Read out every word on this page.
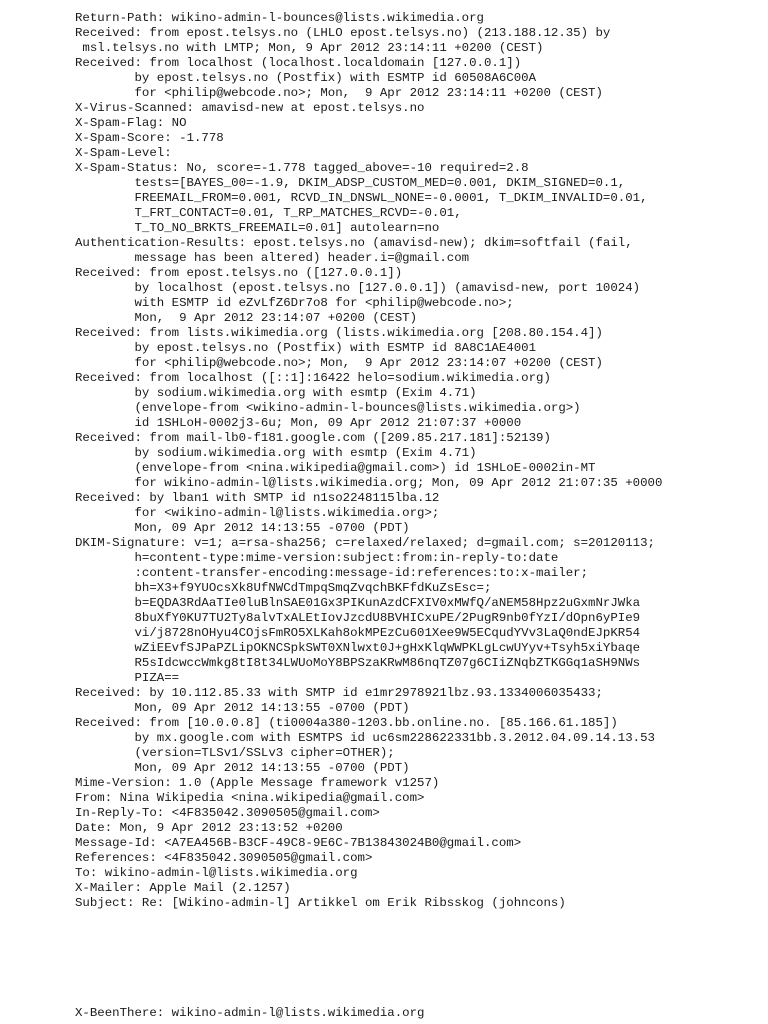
Return-Path: wikino-admin-l-bounces@lists.wikimedia.org
Received: from epost.telsys.no (LHLO epost.telsys.no) (213.188.12.35) by
msl.telsys.no with LMTP; Mon, 9 Apr 2012 23:14:11 +0200 (CEST)
Received: from localhost (localhost.localdomain [127.0.0.1])
by epost.telsys.no (Postfix) with ESMTP id 60508A6C00A
for <philip@webcode.no>; Mon,  9 Apr 2012 23:14:11 +0200 (CEST)
X-Virus-Scanned: amavisd-new at epost.telsys.no
X-Spam-Flag: NO
X-Spam-Score: -1.778
X-Spam-Level:
X-Spam-Status: No, score=-1.778 tagged_above=-10 required=2.8
tests=[BAYES_00=-1.9, DKIM_ADSP_CUSTOM_MED=0.001, DKIM_SIGNED=0.1,
FREEMAIL_FROM=0.001, RCVD_IN_DNSWL_NONE=-0.0001, T_DKIM_INVALID=0.01,
T_FRT_CONTACT=0.01, T_RP_MATCHES_RCVD=-0.01,
T_TO_NO_BRKTS_FREEMAIL=0.01] autolearn=no
Authentication-Results: epost.telsys.no (amavisd-new); dkim=softfail (fail,
message has been altered) header.i=@gmail.com
Received: from epost.telsys.no ([127.0.0.1])
by localhost (epost.telsys.no [127.0.0.1]) (amavisd-new, port 10024)
with ESMTP id eZvLfZ6Dr7o8 for <philip@webcode.no>;
Mon,  9 Apr 2012 23:14:07 +0200 (CEST)
Received: from lists.wikimedia.org (lists.wikimedia.org [208.80.154.4])
by epost.telsys.no (Postfix) with ESMTP id 8A8C1AE4001
for <philip@webcode.no>; Mon,  9 Apr 2012 23:14:07 +0200 (CEST)
Received: from localhost ([::1]:16422 helo=sodium.wikimedia.org)
by sodium.wikimedia.org with esmtp (Exim 4.71)
(envelope-from <wikino-admin-l-bounces@lists.wikimedia.org>)
id 1SHLoH-0002j3-6u; Mon, 09 Apr 2012 21:07:37 +0000
Received: from mail-lb0-f181.google.com ([209.85.217.181]:52139)
by sodium.wikimedia.org with esmtp (Exim 4.71)
(envelope-from <nina.wikipedia@gmail.com>) id 1SHLoE-0002in-MT
for wikino-admin-l@lists.wikimedia.org; Mon, 09 Apr 2012 21:07:35 +0000
Received: by lban1 with SMTP id n1so2248115lba.12
for <wikino-admin-l@lists.wikimedia.org>;
Mon, 09 Apr 2012 14:13:55 -0700 (PDT)
DKIM-Signature: v=1; a=rsa-sha256; c=relaxed/relaxed; d=gmail.com; s=20120113;
h=content-type:mime-version:subject:from:in-reply-to:date
:content-transfer-encoding:message-id:references:to:x-mailer;
bh=X3+f9YUOcsXk8UfNWCdTmpqSmqZvqchBKFfdKuZsEsc=;
b=EQDA3RdAaTIe0luBlnSAE01Gx3PIKunAzdCFXIV0xMWfQ/aNEM58Hpz2uGxmNrJWka
8buXfY0KU7TU2Ty8alvTxALEtIovJzcdU8BVHICxuPE/2PugR9nb0fYzI/dOpn6yPIe9
vi/j8728nOHyu4COjsFmRO5XLKah8okMPEzCu601Xee9W5ECqudYVv3LaQ0ndEJpKR54
wZiEEvfSJPaPZLipOKNCSpkSWT0XNlwxt0J+gHxKlqWWPKLgLcwUYyv+Tsyh5xiYbaqe
R5sIdcwccWmkg8tI8t34LWUoMoY8BPSzaKRwM86nqTZ07g6CIiZNqbZTKGGq1aSH9NWs
PIZA==
Received: by 10.112.85.33 with SMTP id e1mr2978921lbz.93.1334006035433;
Mon, 09 Apr 2012 14:13:55 -0700 (PDT)
Received: from [10.0.0.8] (ti0004a380-1203.bb.online.no. [85.166.61.185])
by mx.google.com with ESMTPS id uc6sm228622331bb.3.2012.04.09.14.13.53
(version=TLSv1/SSLv3 cipher=OTHER);
Mon, 09 Apr 2012 14:13:55 -0700 (PDT)
Mime-Version: 1.0 (Apple Message framework v1257)
From: Nina Wikipedia <nina.wikipedia@gmail.com>
In-Reply-To: <4F835042.3090505@gmail.com>
Date: Mon, 9 Apr 2012 23:13:52 +0200
Message-Id: <A7EA456B-B3CF-49C8-9E6C-7B13843024B0@gmail.com>
References: <4F835042.3090505@gmail.com>
To: wikino-admin-l@lists.wikimedia.org
X-Mailer: Apple Mail (2.1257)
Subject: Re: [Wikino-admin-l] Artikkel om Erik Ribsskog (johncons)
X-BeenThere: wikino-admin-l@lists.wikimedia.org
